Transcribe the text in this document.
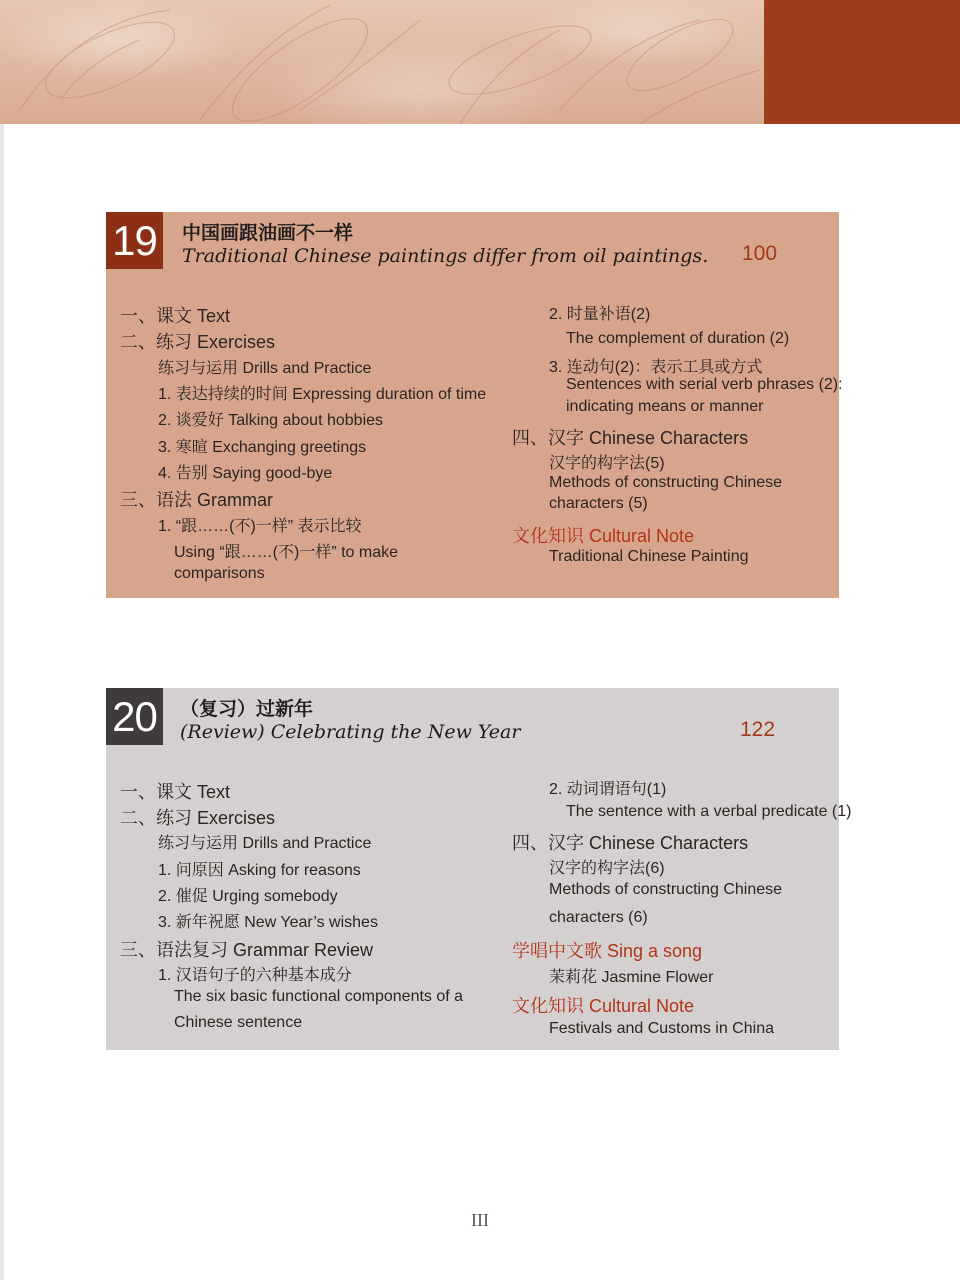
19	中国画跟油画不一样
Traditional Chinese paintings differ from oil paintings. 100
一、课文 Text
二、练习 Exercises
练习与运用 Drills and Practice
1. 表达持续的时间 Expressing duration of time
2. 谈爱好 Talking about hobbies
3. 寒暄 Exchanging greetings
4. 告别 Saying good-bye
三、语法 Grammar
1. “跟……(不)一样” 表示比较
Using “跟……(不)一样” to make
comparisons
2. 时量补语(2)
The complement of duration (2)
3. 连动句(2)：表示工具或方式
Sentences with serial verb phrases (2):
indicating means or manner
四、汉字 Chinese Characters
汉字的构字法(5)
Methods of constructing Chinese
characters (5)
文化知识 Cultural Note
Traditional Chinese Painting
20	（复习）过新年
(Review) Celebrating the New Year	122
一、课文 Text
二、练习 Exercises
练习与运用 Drills and Practice
1. 问原因 Asking for reasons
2. 催促 Urging somebody
3. 新年祝愿 New Year’s wishes
三、语法复习 Grammar Review
1. 汉语句子的六种基本成分
The six basic functional components of a
Chinese sentence
2. 动词谓语句(1)
The sentence with a verbal predicate (1)
四、汉字 Chinese Characters
汉字的构字法(6)
Methods of constructing Chinese
characters (6)
学唱中文歌 Sing a song
茉莉花 Jasmine Flower
文化知识 Cultural Note
Festivals and Customs in China
III
